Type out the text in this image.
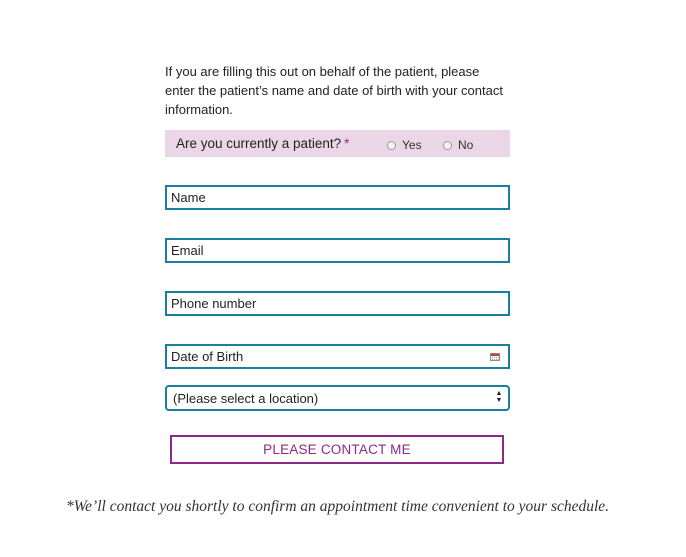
If you are filling this out on behalf of the patient, please enter the patient’s name and date of birth with your contact information.
Are you currently a patient? *	Yes	No
Name
Email
Phone number
Date of Birth
(Please select a location)	▲
▼
PLEASE CONTACT ME
*We’ll contact you shortly to confirm an appointment time convenient to your schedule.
